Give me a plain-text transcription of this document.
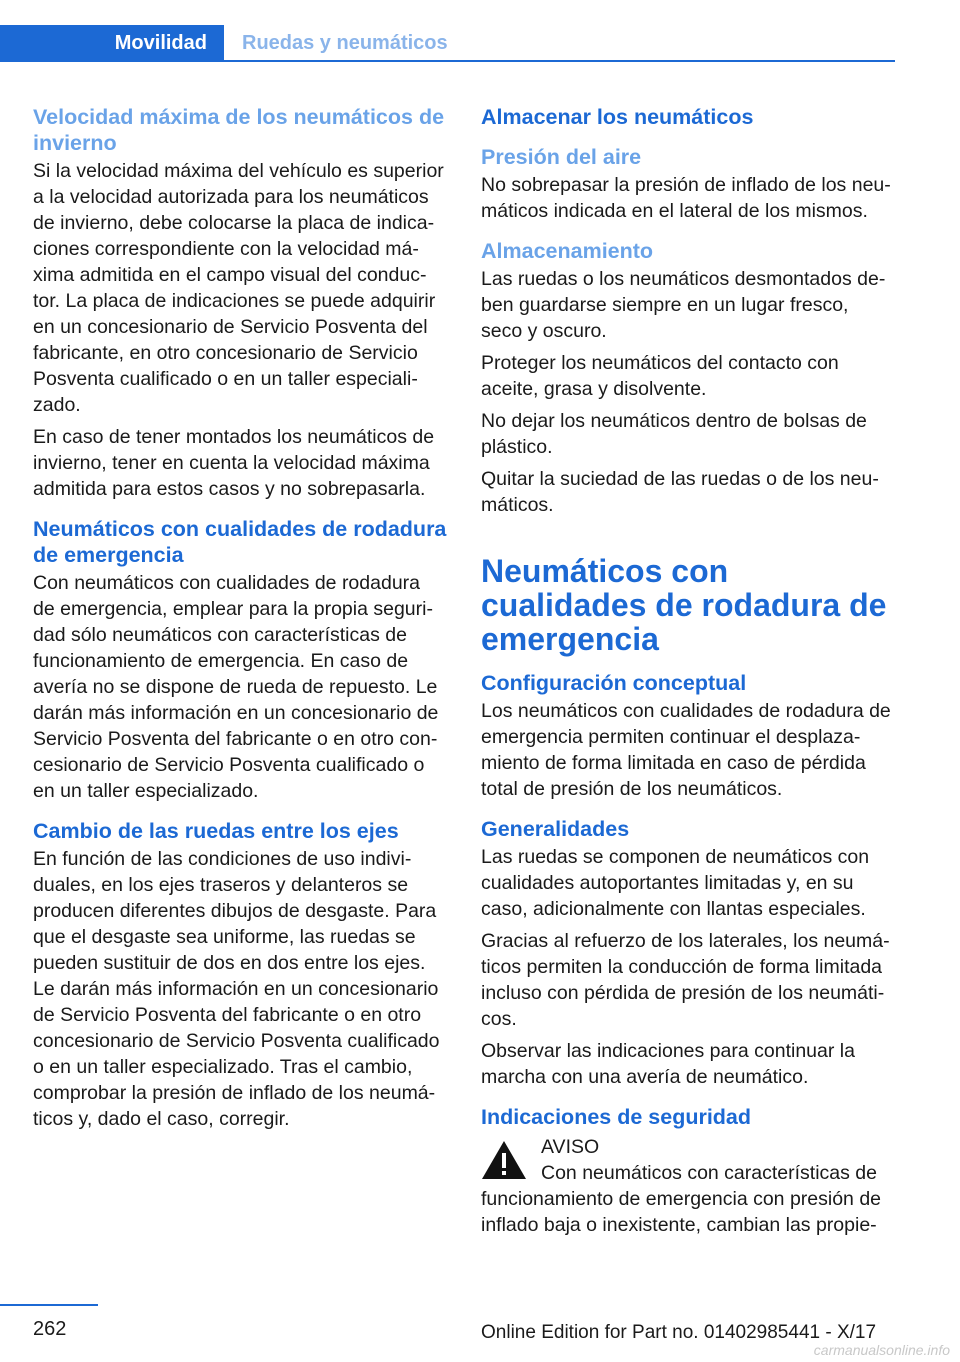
Movilidad	Ruedas y neumáticos
Velocidad máxima de los neumáticos de invierno

Si la velocidad máxima del vehículo es superior a la velocidad autorizada para los neumáticos de invierno, debe colocarse la placa de indicaciones correspondiente con la velocidad máxima admitida en el campo visual del conductor. La placa de indicaciones se puede adquirir en un concesionario de Servicio Posventa del fabricante, en otro concesionario de Servicio Posventa cualificado o en un taller especializado.

En caso de tener montados los neumáticos de invierno, tener en cuenta la velocidad máxima admitida para estos casos y no sobrepasarla.

Neumáticos con cualidades de rodadura de emergencia

Con neumáticos con cualidades de rodadura de emergencia, emplear para la propia seguridad sólo neumáticos con características de funcionamiento de emergencia. En caso de avería no se dispone de rueda de repuesto. Le darán más información en un concesionario de Servicio Posventa del fabricante o en otro concesionario de Servicio Posventa cualificado o en un taller especializado.

Cambio de las ruedas entre los ejes

En función de las condiciones de uso individuales, en los ejes traseros y delanteros se producen diferentes dibujos de desgaste. Para que el desgaste sea uniforme, las ruedas se pueden sustituir de dos en dos entre los ejes. Le darán más información en un concesionario de Servicio Posventa del fabricante o en otro concesionario de Servicio Posventa cualificado o en un taller especializado. Tras el cambio, comprobar la presión de inflado de los neumáticos y, dado el caso, corregir.

Almacenar los neumáticos
Presión del aire

No sobrepasar la presión de inflado de los neumáticos indicada en el lateral de los mismos.

Almacenamiento

Las ruedas o los neumáticos desmontados deben guardarse siempre en un lugar fresco, seco y oscuro.

Proteger los neumáticos del contacto con aceite, grasa y disolvente.

No dejar los neumáticos dentro de bolsas de plástico.

Quitar la suciedad de las ruedas o de los neumáticos.

Neumáticos con cualidades de rodadura de emergencia
Configuración conceptual

Los neumáticos con cualidades de rodadura de emergencia permiten continuar el desplazamiento de forma limitada en caso de pérdida total de presión de los neumáticos.

Generalidades

Las ruedas se componen de neumáticos con cualidades autoportantes limitadas y, en su caso, adicionalmente con llantas especiales.

Gracias al refuerzo de los laterales, los neumáticos permiten la conducción de forma limitada incluso con pérdida de presión de los neumáticos.

Observar las indicaciones para continuar la marcha con una avería de neumático.

Indicaciones de seguridad

AVISO

Con neumáticos con características de

funcionamiento de emergencia con presión de inflado baja o inexistente, cambian las propie-

262	Online Edition for Part no. 01402985441 - X/17
carmanualsonline.info
